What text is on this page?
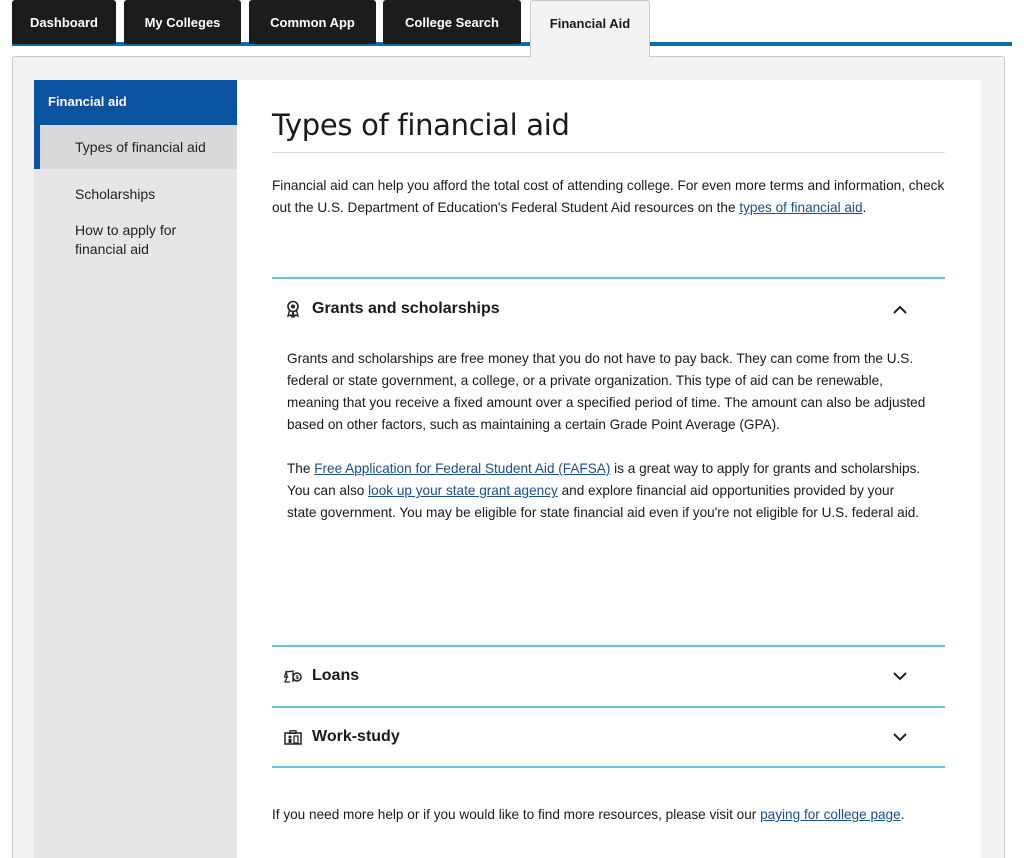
Dashboard	My Colleges	Common App	College Search	Financial Aid
Financial aid
Types of financial aid
Scholarships
How to apply for financial aid
Types of financial aid

Financial aid can help you afford the total cost of attending college. For even more terms and information, check out the U.S. Department of Education's Federal Student Aid resources on the types of financial aid.

Grants and scholarships

Grants and scholarships are free money that you do not have to pay back. They can come from the U.S. federal or state government, a college, or a private organization. This type of aid can be renewable, meaning that you receive a fixed amount over a specified period of time. The amount can also be adjusted based on other factors, such as maintaining a certain Grade Point Average (GPA).

The Free Application for Federal Student Aid (FAFSA) is a great way to apply for grants and scholarships. You can also look up your state grant agency and explore financial aid opportunities provided by your state government. You may be eligible for state financial aid even if you're not eligible for U.S. federal aid.

$ Loans
Work-study

If you need more help or if you would like to find more resources, please visit our paying for college page.
